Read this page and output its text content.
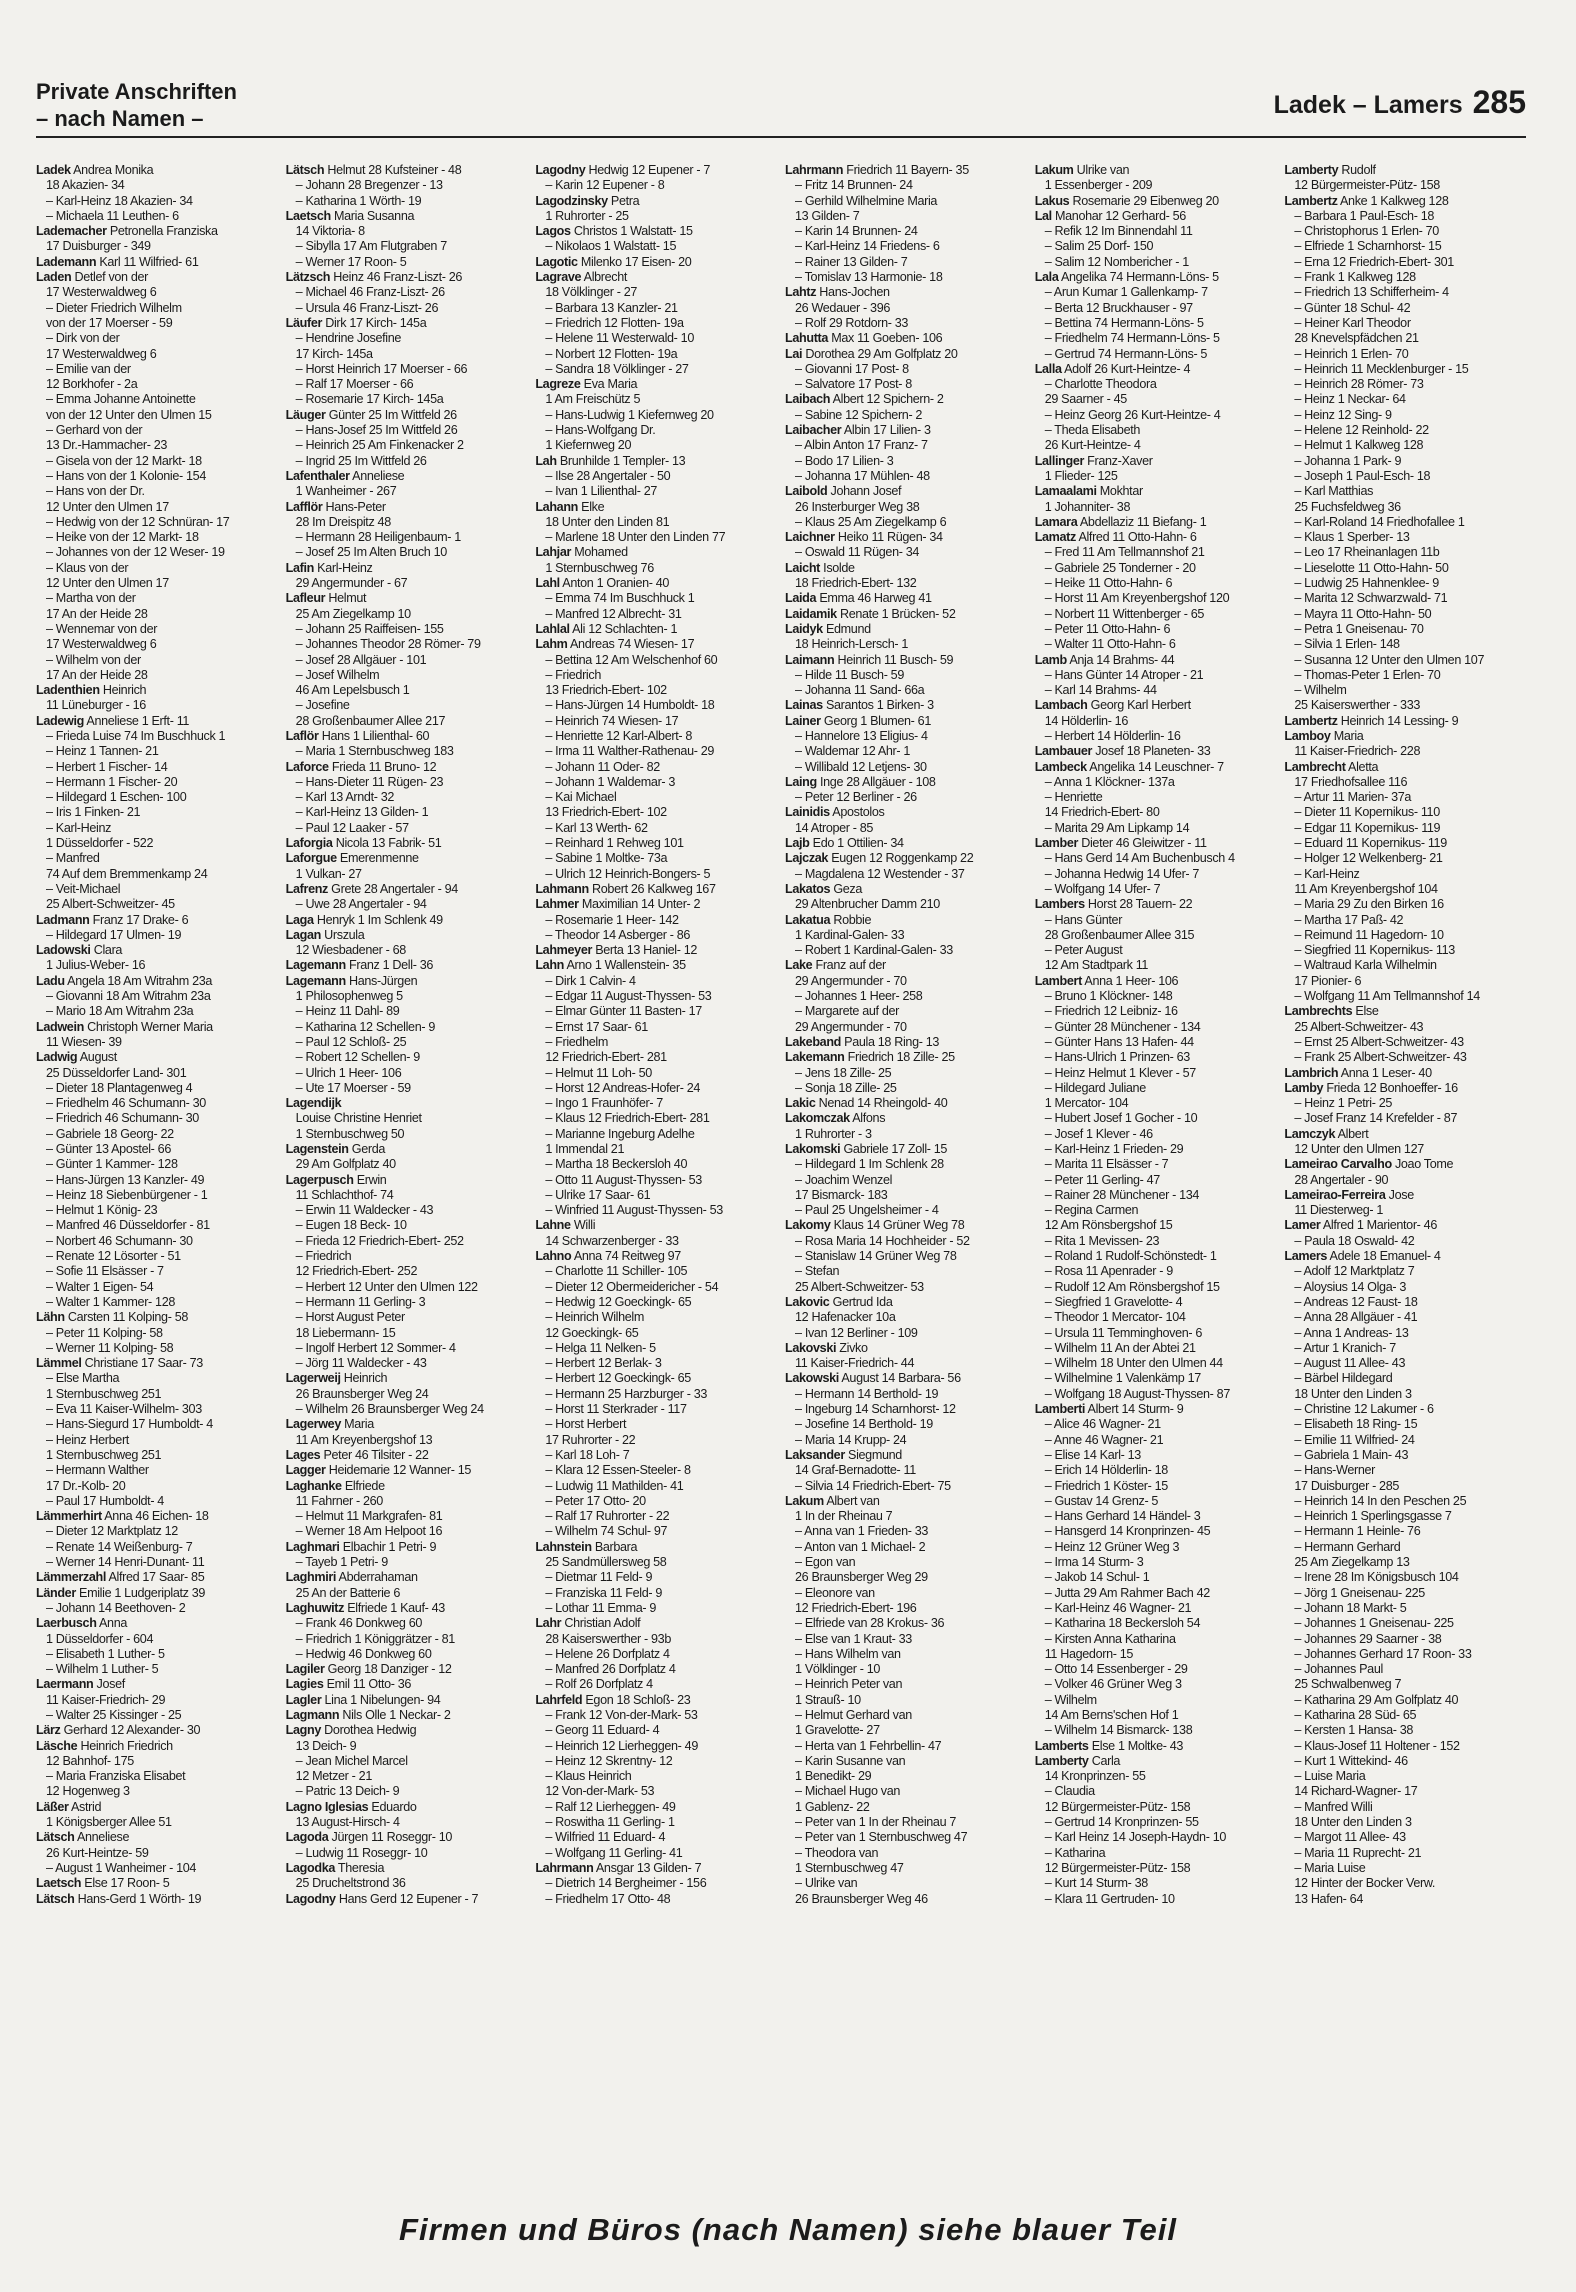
Private Anschriften
– nach Namen –	Ladek – Lamers 285
Ladek Andrea Monika
18 Akazien- 34
– Karl-Heinz 18 Akazien- 34
– Michaela 11 Leuthen- 6
Lademacher Petronella Franziska
17 Duisburger - 349
Lademann Karl 11 Wilfried- 61
Laden Detlef von der
17 Westerwaldweg 6
– Dieter Friedrich Wilhelm
von der 17 Moerser - 59
– Dirk von der
17 Westerwaldweg 6
– Emilie van der
12 Borkhofer - 2a
– Emma Johanne Antoinette
von der 12 Unter den Ulmen 15
– Gerhard von der
13 Dr.-Hammacher- 23
– Gisela von der 12 Markt- 18
– Hans von der 1 Kolonie- 154
– Hans von der Dr.
12 Unter den Ulmen 17
– Hedwig von der 12 Schnüran- 17
– Heike von der 12 Markt- 18
– Johannes von der 12 Weser- 19
– Klaus von der
12 Unter den Ulmen 17
– Martha von der
17 An der Heide 28
– Wennemar von der
17 Westerwaldweg 6
– Wilhelm von der
17 An der Heide 28
Ladenthien Heinrich
11 Lüneburger - 16
Ladewig Anneliese 1 Erft- 11
– Frieda Luise 74 Im Buschhuck 1
– Heinz 1 Tannen- 21
– Herbert 1 Fischer- 14
– Hermann 1 Fischer- 20
– Hildegard 1 Eschen- 100
– Iris 1 Finken- 21
– Karl-Heinz
1 Düsseldorfer - 522
– Manfred
74 Auf dem Bremmenkamp 24
– Veit-Michael
25 Albert-Schweitzer- 45
Ladmann Franz 17 Drake- 6
– Hildegard 17 Ulmen- 19
Ladowski Clara
1 Julius-Weber- 16
Ladu Angela 18 Am Witrahm 23a
– Giovanni 18 Am Witrahm 23a
– Mario 18 Am Witrahm 23a
Ladwein Christoph Werner Maria
11 Wiesen- 39
Ladwig August
25 Düsseldorfer Land- 301
– Dieter 18 Plantagenweg 4
– Friedhelm 46 Schumann- 30
– Friedrich 46 Schumann- 30
– Gabriele 18 Georg- 22
– Günter 13 Apostel- 66
– Günter 1 Kammer- 128
– Hans-Jürgen 13 Kanzler- 49
– Heinz 18 Siebenbürgener - 1
– Helmut 1 König- 23
– Manfred 46 Düsseldorfer - 81
– Norbert 46 Schumann- 30
– Renate 12 Lösorter - 51
– Sofie 11 Elsässer - 7
– Walter 1 Eigen- 54
– Walter 1 Kammer- 128
Lähn Carsten 11 Kolping- 58
– Peter 11 Kolping- 58
– Werner 11 Kolping- 58
Lämmel Christiane 17 Saar- 73
– Else Martha
1 Sternbuschweg 251
– Eva 11 Kaiser-Wilhelm- 303
– Hans-Siegurd 17 Humboldt- 4
– Heinz Herbert
1 Sternbuschweg 251
– Hermann Walther
17 Dr.-Kolb- 20
– Paul 17 Humboldt- 4
Lämmerhirt Anna 46 Eichen- 18
– Dieter 12 Marktplatz 12
– Renate 14 Weißenburg- 7
– Werner 14 Henri-Dunant- 11
Lämmerzahl Alfred 17 Saar- 85
Länder Emilie 1 Ludgeriplatz 39
– Johann 14 Beethoven- 2
Laerbusch Anna
1 Düsseldorfer - 604
– Elisabeth 1 Luther- 5
– Wilhelm 1 Luther- 5
Laermann Josef
11 Kaiser-Friedrich- 29
– Walter 25 Kissinger - 25
Lärz Gerhard 12 Alexander- 30
Läsche Heinrich Friedrich
12 Bahnhof- 175
– Maria Franziska Elisabet
12 Hogenweg 3
Läßer Astrid
1 Königsberger Allee 51
Lätsch Anneliese
26 Kurt-Heintze- 59
– August 1 Wanheimer - 104
Laetsch Else 17 Roon- 5
Lätsch Hans-Gerd 1 Wörth- 19
Lätsch Helmut 28 Kufsteiner - 48
– Johann 28 Bregenzer - 13
– Katharina 1 Wörth- 19
Laetsch Maria Susanna
14 Viktoria- 8
– Sibylla 17 Am Flutgraben 7
– Werner 17 Roon- 5
Lätzsch Heinz 46 Franz-Liszt- 26
– Michael 46 Franz-Liszt- 26
– Ursula 46 Franz-Liszt- 26
Läufer Dirk 17 Kirch- 145a
– Hendrine Josefine
17 Kirch- 145a
– Horst Heinrich 17 Moerser - 66
– Ralf 17 Moerser - 66
– Rosemarie 17 Kirch- 145a
Läuger Günter 25 Im Wittfeld 26
– Hans-Josef 25 Im Wittfeld 26
– Heinrich 25 Am Finkenacker 2
– Ingrid 25 Im Wittfeld 26
Lafenthaler Anneliese
1 Wanheimer - 267
Lafflör Hans-Peter
28 Im Dreispitz 48
– Hermann 28 Heiligenbaum- 1
– Josef 25 Im Alten Bruch 10
Lafin Karl-Heinz
29 Angermunder - 67
Lafleur Helmut
25 Am Ziegelkamp 10
– Johann 25 Raiffeisen- 155
– Johannes Theodor 28 Römer- 79
– Josef 28 Allgäuer - 101
– Josef Wilhelm
46 Am Lepelsbusch 1
– Josefine
28 Großenbaumer Allee 217
Laflör Hans 1 Lilienthal- 60
– Maria 1 Sternbuschweg 183
Laforce Frieda 11 Bruno- 12
– Hans-Dieter 11 Rügen- 23
– Karl 13 Arndt- 32
– Karl-Heinz 13 Gilden- 1
– Paul 12 Laaker - 57
Laforgia Nicola 13 Fabrik- 51
Laforgue Emerenmenne
1 Vulkan- 27
Lafrenz Grete 28 Angertaler - 94
– Uwe 28 Angertaler - 94
Laga Henryk 1 Im Schlenk 49
Lagan Urszula
12 Wiesbadener - 68
Lagemann Franz 1 Dell- 36
Lagemann Hans-Jürgen
1 Philosophenweg 5
– Heinz 11 Dahl- 89
– Katharina 12 Schellen- 9
– Paul 12 Schloß- 25
– Robert 12 Schellen- 9
– Ulrich 1 Heer- 106
– Ute 17 Moerser - 59
Lagendijk
Louise Christine Henriet
1 Sternbuschweg 50
Lagenstein Gerda
29 Am Golfplatz 40
Lagerpusch Erwin
11 Schlachthof- 74
– Erwin 11 Waldecker - 43
– Eugen 18 Beck- 10
– Frieda 12 Friedrich-Ebert- 252
– Friedrich
12 Friedrich-Ebert- 252
– Herbert 12 Unter den Ulmen 122
– Hermann 11 Gerling- 3
– Horst August Peter
18 Liebermann- 15
– Ingolf Herbert 12 Sommer- 4
– Jörg 11 Waldecker - 43
Lagerweij Heinrich
26 Braunsberger Weg 24
– Wilhelm 26 Braunsberger Weg 24
Lagerwey Maria
11 Am Kreyenbergshof 13
Lages Peter 46 Tilsiter - 22
Lagger Heidemarie 12 Wanner- 15
Laghanke Elfriede
11 Fahrner - 260
– Helmut 11 Markgrafen- 81
– Werner 18 Am Helpoot 16
Laghmari Elbachir 1 Petri- 9
– Tayeb 1 Petri- 9
Laghmiri Abderrahaman
25 An der Batterie 6
Laghuwitz Elfriede 1 Kauf- 43
– Frank 46 Donkweg 60
– Friedrich 1 Königgrätzer - 81
– Hedwig 46 Donkweg 60
Lagiler Georg 18 Danziger - 12
Lagies Emil 11 Otto- 36
Lagler Lina 1 Nibelungen- 94
Lagmann Nils Olle 1 Neckar- 2
Lagny Dorothea Hedwig
13 Deich- 9
– Jean Michel Marcel
12 Metzer - 21
– Patric 13 Deich- 9
Lagno Iglesias Eduardo
13 August-Hirsch- 4
Lagoda Jürgen 11 Roseggr- 10
– Ludwig 11 Roseggr- 10
Lagodka Theresia
25 Drucheltstrond 36
Lagodny Hans Gerd 12 Eupener - 7
Lagodny Hedwig 12 Eupener - 7
– Karin 12 Eupener - 8
Lagodzinsky Petra
1 Ruhrorter - 25
Lagos Christos 1 Walstatt- 15
– Nikolaos 1 Walstatt- 15
Lagotic Milenko 17 Eisen- 20
Lagrave Albrecht
18 Völklinger - 27
– Barbara 13 Kanzler- 21
– Friedrich 12 Flotten- 19a
– Helene 11 Westerwald- 10
– Norbert 12 Flotten- 19a
– Sandra 18 Völklinger - 27
Lagreze Eva Maria
1 Am Freischütz 5
– Hans-Ludwig 1 Kiefernweg 20
– Hans-Wolfgang Dr.
1 Kiefernweg 20
Lah Brunhilde 1 Templer- 13
– Ilse 28 Angertaler - 50
– Ivan 1 Lilienthal- 27
Lahann Elke
18 Unter den Linden 81
– Marlene 18 Unter den Linden 77
Lahjar Mohamed
1 Sternbuschweg 76
Lahl Anton 1 Oranien- 40
– Emma 74 Im Buschhuck 1
– Manfred 12 Albrecht- 31
Lahlal Ali 12 Schlachten- 1
Lahm Andreas 74 Wiesen- 17
– Bettina 12 Am Welschenhof 60
– Friedrich
13 Friedrich-Ebert- 102
– Hans-Jürgen 14 Humboldt- 18
– Heinrich 74 Wiesen- 17
– Henriette 12 Karl-Albert- 8
– Irma 11 Walther-Rathenau- 29
– Johann 11 Oder- 82
– Johann 1 Waldemar- 3
– Kai Michael
13 Friedrich-Ebert- 102
– Karl 13 Werth- 62
– Reinhard 1 Rehweg 101
– Sabine 1 Moltke- 73a
– Ulrich 12 Heinrich-Bongers- 5
Lahmann Robert 26 Kalkweg 167
Lahmer Maximilian 14 Unter- 2
– Rosemarie 1 Heer- 142
– Theodor 14 Asberger - 86
Lahmeyer Berta 13 Haniel- 12
Lahn Arno 1 Wallenstein- 35
– Dirk 1 Calvin- 4
– Edgar 11 August-Thyssen- 53
– Elmar Günter 11 Basten- 17
– Ernst 17 Saar- 61
– Friedhelm
12 Friedrich-Ebert- 281
– Helmut 11 Loh- 50
– Horst 12 Andreas-Hofer- 24
– Ingo 1 Fraunhöfer- 7
– Klaus 12 Friedrich-Ebert- 281
– Marianne Ingeburg Adelhe
1 Immendal 21
– Martha 18 Beckersloh 40
– Otto 11 August-Thyssen- 53
– Ulrike 17 Saar- 61
– Winfried 11 August-Thyssen- 53
Lahne Willi
14 Schwarzenberger - 33
Lahno Anna 74 Reitweg 97
– Charlotte 11 Schiller- 105
– Dieter 12 Obermeidericher - 54
– Hedwig 12 Goeckingk- 65
– Heinrich Wilhelm
12 Goeckingk- 65
– Helga 11 Nelken- 5
– Herbert 12 Berlak- 3
– Herbert 12 Goeckingk- 65
– Hermann 25 Harzburger - 33
– Horst 11 Sterkrader - 117
– Horst Herbert
17 Ruhrorter - 22
– Karl 18 Loh- 7
– Klara 12 Essen-Steeler- 8
– Ludwig 11 Mathilden- 41
– Peter 17 Otto- 20
– Ralf 17 Ruhrorter - 22
– Wilhelm 74 Schul- 97
Lahnstein Barbara
25 Sandmüllersweg 58
– Dietmar 11 Feld- 9
– Franziska 11 Feld- 9
– Lothar 11 Emma- 9
Lahr Christian Adolf
28 Kaiserswerther - 93b
– Helene 26 Dorfplatz 4
– Manfred 26 Dorfplatz 4
– Rolf 26 Dorfplatz 4
Lahrfeld Egon 18 Schloß- 23
– Frank 12 Von-der-Mark- 53
– Georg 11 Eduard- 4
– Heinrich 12 Lierheggen- 49
– Heinz 12 Skrentny- 12
– Klaus Heinrich
12 Von-der-Mark- 53
– Ralf 12 Lierheggen- 49
– Roswitha 11 Gerling- 1
– Wilfried 11 Eduard- 4
– Wolfgang 11 Gerling- 41
Lahrmann Ansgar 13 Gilden- 7
– Dietrich 14 Bergheimer - 156
– Friedhelm 17 Otto- 48
Lahrmann Friedrich 11 Bayern- 35
– Fritz 14 Brunnen- 24
– Gerhild Wilhelmine Maria
13 Gilden- 7
– Karin 14 Brunnen- 24
– Karl-Heinz 14 Friedens- 6
– Rainer 13 Gilden- 7
– Tomislav 13 Harmonie- 18
Lahtz Hans-Jochen
26 Wedauer - 396
– Rolf 29 Rotdorn- 33
Lahutta Max 11 Goeben- 106
Lai Dorothea 29 Am Golfplatz 20
– Giovanni 17 Post- 8
– Salvatore 17 Post- 8
Laibach Albert 12 Spichern- 2
– Sabine 12 Spichern- 2
Laibacher Albin 17 Lilien- 3
– Albin Anton 17 Franz- 7
– Bodo 17 Lilien- 3
– Johanna 17 Mühlen- 48
Laibold Johann Josef
26 Insterburger Weg 38
– Klaus 25 Am Ziegelkamp 6
Laichner Heiko 11 Rügen- 34
– Oswald 11 Rügen- 34
Laicht Isolde
18 Friedrich-Ebert- 132
Laida Emma 46 Harweg 41
Laidamik Renate 1 Brücken- 52
Laidyk Edmund
18 Heinrich-Lersch- 1
Laimann Heinrich 11 Busch- 59
– Hilde 11 Busch- 59
– Johanna 11 Sand- 66a
Lainas Sarantos 1 Birken- 3
Lainer Georg 1 Blumen- 61
– Hannelore 13 Eligius- 4
– Waldemar 12 Ahr- 1
– Willibald 12 Letjens- 30
Laing Inge 28 Allgäuer - 108
– Peter 12 Berliner - 26
Lainidis Apostolos
14 Atroper - 85
Lajb Edo 1 Ottilien- 34
Lajczak Eugen 12 Roggenkamp 22
– Magdalena 12 Westender - 37
Lakatos Geza
29 Altenbrucher Damm 210
Lakatua Robbie
1 Kardinal-Galen- 33
– Robert 1 Kardinal-Galen- 33
Lake Franz auf der
29 Angermunder - 70
– Johannes 1 Heer- 258
– Margarete auf der
29 Angermunder - 70
Lakeband Paula 18 Ring- 13
Lakemann Friedrich 18 Zille- 25
– Jens 18 Zille- 25
– Sonja 18 Zille- 25
Lakic Nenad 14 Rheingold- 40
Lakomczak Alfons
1 Ruhrorter - 3
Lakomski Gabriele 17 Zoll- 15
– Hildegard 1 Im Schlenk 28
– Joachim Wenzel
17 Bismarck- 183
– Paul 25 Ungelsheimer - 4
Lakomy Klaus 14 Grüner Weg 78
– Rosa Maria 14 Hochheider - 52
– Stanislaw 14 Grüner Weg 78
– Stefan
25 Albert-Schweitzer- 53
Lakovic Gertrud Ida
12 Hafenacker 10a
– Ivan 12 Berliner - 109
Lakovski Zivko
11 Kaiser-Friedrich- 44
Lakowski August 14 Barbara- 56
– Hermann 14 Berthold- 19
– Ingeburg 14 Scharnhorst- 12
– Josefine 14 Berthold- 19
– Maria 14 Krupp- 24
Laksander Siegmund
14 Graf-Bernadotte- 11
– Silvia 14 Friedrich-Ebert- 75
Lakum Albert van
1 In der Rheinau 7
– Anna van 1 Frieden- 33
– Anton van 1 Michael- 2
– Egon van
26 Braunsberger Weg 29
– Eleonore van
12 Friedrich-Ebert- 196
– Elfriede van 28 Krokus- 36
– Else van 1 Kraut- 33
– Hans Wilhelm van
1 Völklinger - 10
– Heinrich Peter van
1 Strauß- 10
– Helmut Gerhard van
1 Gravelotte- 27
– Herta van 1 Fehrbellin- 47
– Karin Susanne van
1 Benedikt- 29
– Michael Hugo van
1 Gablenz- 22
– Peter van 1 In der Rheinau 7
– Peter van 1 Sternbuschweg 47
– Theodora van
1 Sternbuschweg 47
– Ulrike van
26 Braunsberger Weg 46
Lakum Ulrike van
1 Essenberger - 209
Lakus Rosemarie 29 Eibenweg 20
Lal Manohar 12 Gerhard- 56
– Refik 12 Im Binnendahl 11
– Salim 25 Dorf- 150
– Salim 12 Nombericher - 1
Lala Angelika 74 Hermann-Löns- 5
– Arun Kumar 1 Gallenkamp- 7
– Berta 12 Bruckhauser - 97
– Bettina 74 Hermann-Löns- 5
– Friedhelm 74 Hermann-Löns- 5
– Gertrud 74 Hermann-Löns- 5
Lalla Adolf 26 Kurt-Heintze- 4
– Charlotte Theodora
29 Saarner - 45
– Heinz Georg 26 Kurt-Heintze- 4
– Theda Elisabeth
26 Kurt-Heintze- 4
Lallinger Franz-Xaver
1 Flieder- 125
Lamaalami Mokhtar
1 Johanniter- 38
Lamara Abdellaziz 11 Biefang- 1
Lamatz Alfred 11 Otto-Hahn- 6
– Fred 11 Am Tellmannshof 21
– Gabriele 25 Tonderner - 20
– Heike 11 Otto-Hahn- 6
– Horst 11 Am Kreyenbergshof 120
– Norbert 11 Wittenberger - 65
– Peter 11 Otto-Hahn- 6
– Walter 11 Otto-Hahn- 6
Lamb Anja 14 Brahms- 44
– Hans Günter 14 Atroper - 21
– Karl 14 Brahms- 44
Lambach Georg Karl Herbert
14 Hölderlin- 16
– Herbert 14 Hölderlin- 16
Lambauer Josef 18 Planeten- 33
Lambeck Angelika 14 Leuschner- 7
– Anna 1 Klöckner- 137a
– Henriette
14 Friedrich-Ebert- 80
– Marita 29 Am Lipkamp 14
Lamber Dieter 46 Gleiwitzer - 11
– Hans Gerd 14 Am Buchenbusch 4
– Johanna Hedwig 14 Ufer- 7
– Wolfgang 14 Ufer- 7
Lambers Horst 28 Tauern- 22
– Hans Günter
28 Großenbaumer Allee 315
– Peter August
12 Am Stadtpark 11
Lambert Anna 1 Heer- 106
– Bruno 1 Klöckner- 148
– Friedrich 12 Leibniz- 16
– Günter 28 Münchener - 134
– Günter Hans 13 Hafen- 44
– Hans-Ulrich 1 Prinzen- 63
– Heinz Helmut 1 Klever - 57
– Hildegard Juliane
1 Mercator- 104
– Hubert Josef 1 Gocher - 10
– Josef 1 Klever - 46
– Karl-Heinz 1 Frieden- 29
– Marita 11 Elsässer - 7
– Peter 11 Gerling- 47
– Rainer 28 Münchener - 134
– Regina Carmen
12 Am Rönsbergshof 15
– Rita 1 Mevissen- 23
– Roland 1 Rudolf-Schönstedt- 1
– Rosa 11 Apenrader - 9
– Rudolf 12 Am Rönsbergshof 15
– Siegfried 1 Gravelotte- 4
– Theodor 1 Mercator- 104
– Ursula 11 Temminghoven- 6
– Wilhelm 11 An der Abtei 21
– Wilhelm 18 Unter den Ulmen 44
– Wilhelmine 1 Valenkämp 17
– Wolfgang 18 August-Thyssen- 87
Lamberti Albert 14 Sturm- 9
– Alice 46 Wagner- 21
– Anne 46 Wagner- 21
– Elise 14 Karl- 13
– Erich 14 Hölderlin- 18
– Friedrich 1 Köster- 15
– Gustav 14 Grenz- 5
– Hans Gerhard 14 Händel- 3
– Hansgerd 14 Kronprinzen- 45
– Heinz 12 Grüner Weg 3
– Irma 14 Sturm- 3
– Jakob 14 Schul- 1
– Jutta 29 Am Rahmer Bach 42
– Karl-Heinz 46 Wagner- 21
– Katharina 18 Beckersloh 54
– Kirsten Anna Katharina
11 Hagedorn- 15
– Otto 14 Essenberger - 29
– Volker 46 Grüner Weg 3
– Wilhelm
14 Am Berns'schen Hof 1
– Wilhelm 14 Bismarck- 138
Lamberts Else 1 Moltke- 43
Lamberty Carla
14 Kronprinzen- 55
– Claudia
12 Bürgermeister-Pütz- 158
– Gertrud 14 Kronprinzen- 55
– Karl Heinz 14 Joseph-Haydn- 10
– Katharina
12 Bürgermeister-Pütz- 158
– Kurt 14 Sturm- 38
– Klara 11 Gertruden- 10
Lamberty Rudolf
12 Bürgermeister-Pütz- 158
Lambertz Anke 1 Kalkweg 128
– Barbara 1 Paul-Esch- 18
– Christophorus 1 Erlen- 70
– Elfriede 1 Scharnhorst- 15
– Erna 12 Friedrich-Ebert- 301
– Frank 1 Kalkweg 128
– Friedrich 13 Schifferheim- 4
– Günter 18 Schul- 42
– Heiner Karl Theodor
28 Knevelspfädchen 21
– Heinrich 1 Erlen- 70
– Heinrich 11 Mecklenburger - 15
– Heinrich 28 Römer- 73
– Heinz 1 Neckar- 64
– Heinz 12 Sing- 9
– Helene 12 Reinhold- 22
– Helmut 1 Kalkweg 128
– Johanna 1 Park- 9
– Joseph 1 Paul-Esch- 18
– Karl Matthias
25 Fuchsfeldweg 36
– Karl-Roland 14 Friedhofallee 1
– Klaus 1 Sperber- 13
– Leo 17 Rheinanlagen 11b
– Lieselotte 11 Otto-Hahn- 50
– Ludwig 25 Hahnenklee- 9
– Marita 12 Schwarzwald- 71
– Mayra 11 Otto-Hahn- 50
– Petra 1 Gneisenau- 70
– Silvia 1 Erlen- 148
– Susanna 12 Unter den Ulmen 107
– Thomas-Peter 1 Erlen- 70
– Wilhelm
25 Kaiserswerther - 333
Lambertz Heinrich 14 Lessing- 9
Lamboy Maria
11 Kaiser-Friedrich- 228
Lambrecht Aletta
17 Friedhofsallee 116
– Artur 11 Marien- 37a
– Dieter 11 Kopernikus- 110
– Edgar 11 Kopernikus- 119
– Eduard 11 Kopernikus- 119
– Holger 12 Welkenberg- 21
– Karl-Heinz
11 Am Kreyenbergshof 104
– Maria 29 Zu den Birken 16
– Martha 17 Paß- 42
– Reimund 11 Hagedorn- 10
– Siegfried 11 Kopernikus- 113
– Waltraud Karla Wilhelmin
17 Pionier- 6
– Wolfgang 11 Am Tellmannshof 14
Lambrechts Else
25 Albert-Schweitzer- 43
– Ernst 25 Albert-Schweitzer- 43
– Frank 25 Albert-Schweitzer- 43
Lambrich Anna 1 Leser- 40
Lamby Frieda 12 Bonhoeffer- 16
– Heinz 1 Petri- 25
– Josef Franz 14 Krefelder - 87
Lamczyk Albert
12 Unter den Ulmen 127
Lameirao Carvalho Joao Tome
28 Angertaler - 90
Lameirao-Ferreira Jose
11 Diesterweg- 1
Lamer Alfred 1 Marientor- 46
– Paula 18 Oswald- 42
Lamers Adele 18 Emanuel- 4
– Adolf 12 Marktplatz 7
– Aloysius 14 Olga- 3
– Andreas 12 Faust- 18
– Anna 28 Allgäuer - 41
– Anna 1 Andreas- 13
– Artur 1 Kranich- 7
– August 11 Allee- 43
– Bärbel Hildegard
18 Unter den Linden 3
– Christine 12 Lakumer - 6
– Elisabeth 18 Ring- 15
– Emilie 11 Wilfried- 24
– Gabriela 1 Main- 43
– Hans-Werner
17 Duisburger - 285
– Heinrich 14 In den Peschen 25
– Heinrich 1 Sperlingsgasse 7
– Hermann 1 Heinle- 76
– Hermann Gerhard
25 Am Ziegelkamp 13
– Irene 28 Im Königsbusch 104
– Jörg 1 Gneisenau- 225
– Johann 18 Markt- 5
– Johannes 1 Gneisenau- 225
– Johannes 29 Saarner - 38
– Johannes Gerhard 17 Roon- 33
– Johannes Paul
25 Schwalbenweg 7
– Katharina 29 Am Golfplatz 40
– Katharina 28 Süd- 65
– Kersten 1 Hansa- 38
– Klaus-Josef 11 Holtener - 152
– Kurt 1 Wittekind- 46
– Luise Maria
14 Richard-Wagner- 17
– Manfred Willi
18 Unter den Linden 3
– Margot 11 Allee- 43
– Maria 11 Ruprecht- 21
– Maria Luise
12 Hinter der Bocker Verw.
13 Hafen- 64
Firmen und Büros (nach Namen) siehe blauer Teil
